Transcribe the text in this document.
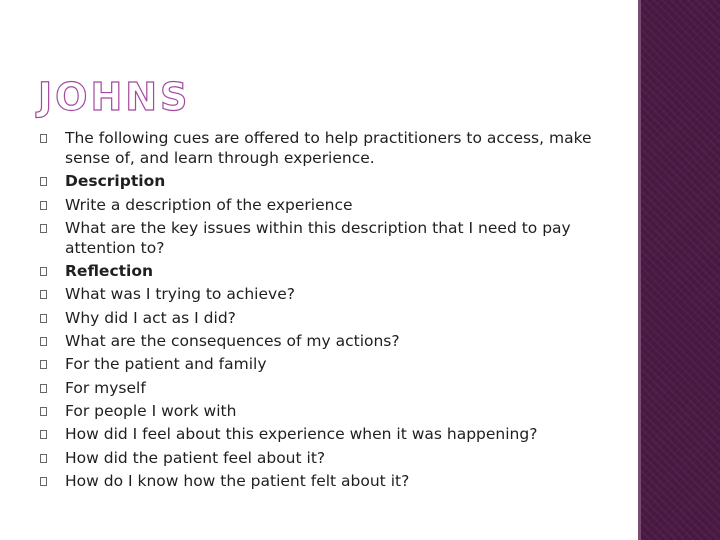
JOHNS
The following cues are offered to help practitioners to access, make sense of, and learn through experience.
Description
Write a description of the experience
What are the key issues within this description that I need to pay attention to?
Reflection
What was I trying to achieve?
Why did I act as I did?
What are the consequences of my actions?
For the patient and family
For myself
For people I work with
How did I feel about this experience when it was happening?
How did the patient feel about it?
How do I know how the patient felt about it?
